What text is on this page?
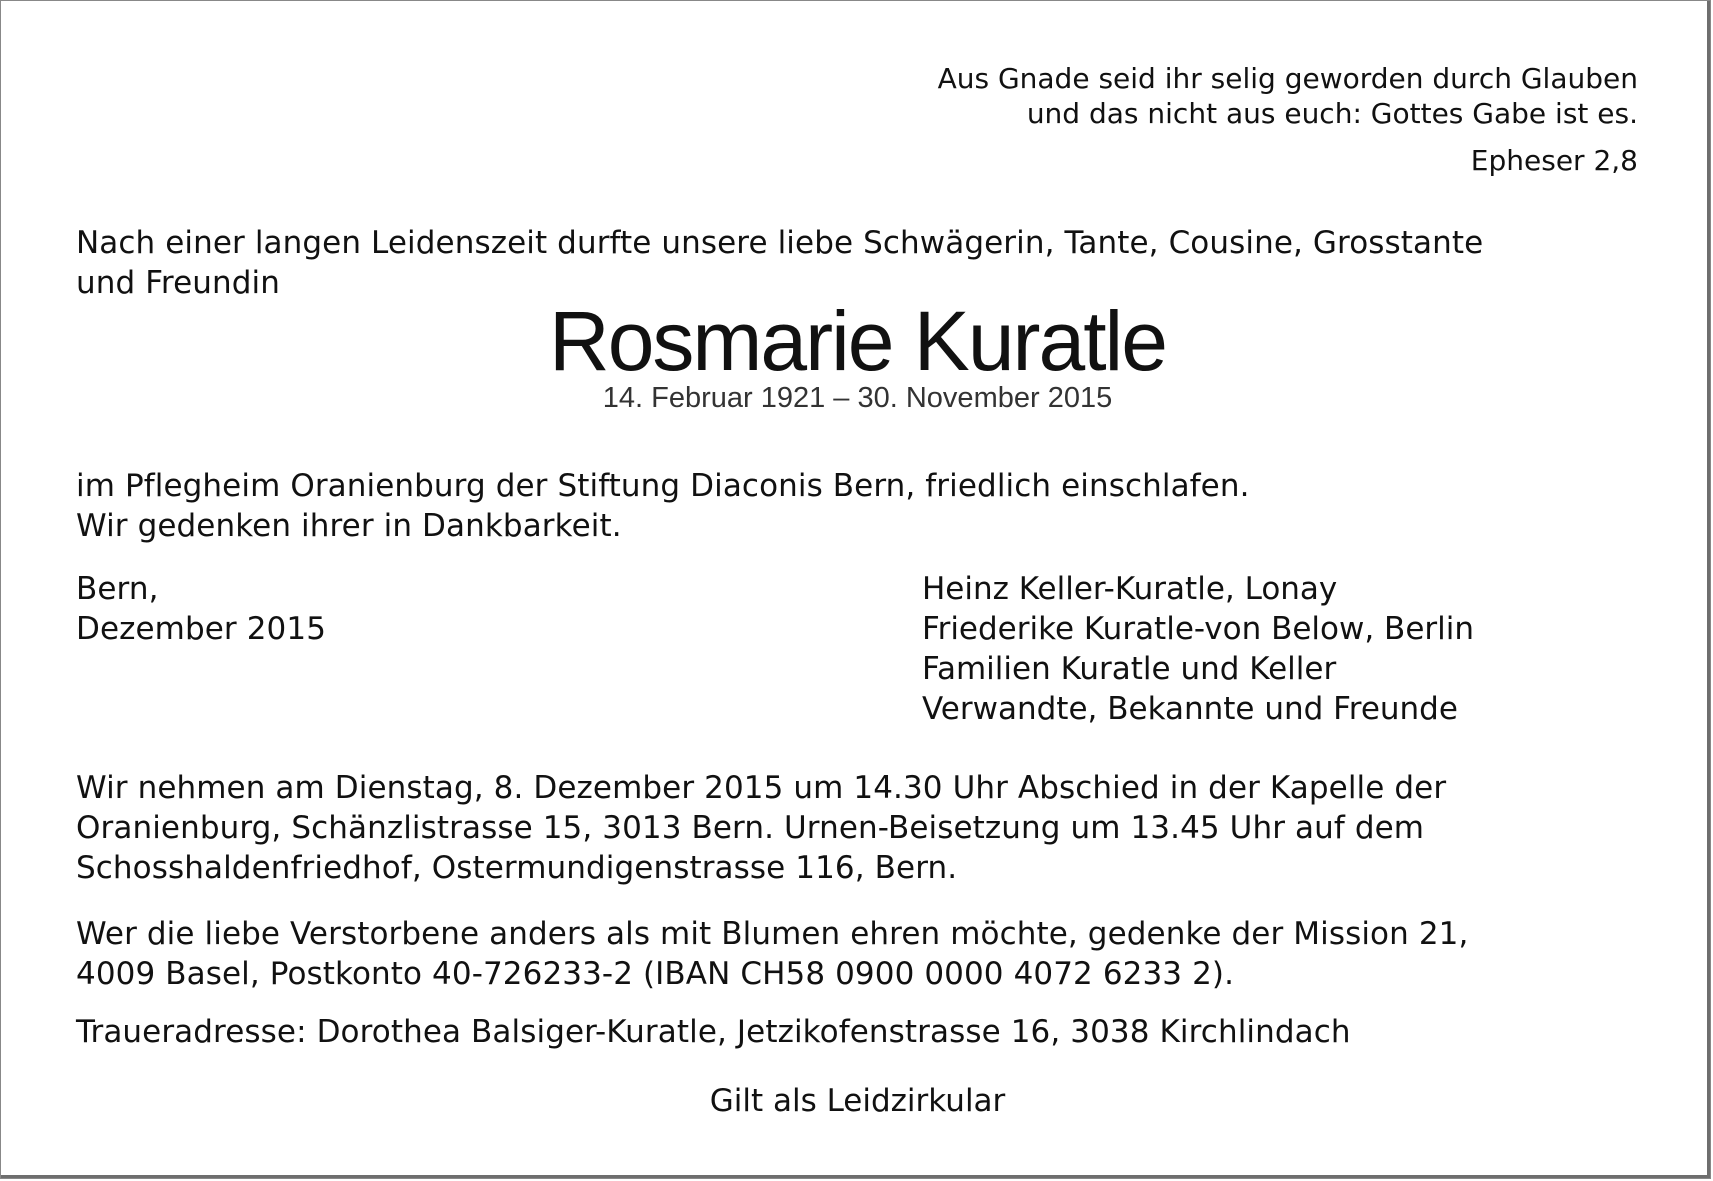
Aus Gnade seid ihr selig geworden durch Glauben
und das nicht aus euch: Gottes Gabe ist es.

Epheser 2,8

Nach einer langen Leidenszeit durfte unsere liebe Schwägerin, Tante, Cousine, Grosstante
und Freundin

Rosmarie Kuratle

14. Februar 1921 – 30. November 2015

im Pflegheim Oranienburg der Stiftung Diaconis Bern, friedlich einschlafen.
Wir gedenken ihrer in Dankbarkeit.

Bern,
Dezember 2015

Heinz Keller-Kuratle, Lonay
Friederike Kuratle-von Below, Berlin
Familien Kuratle und Keller
Verwandte, Bekannte und Freunde

Wir nehmen am Dienstag, 8. Dezember 2015 um 14.30 Uhr Abschied in der Kapelle der
Oranienburg, Schänzlistrasse 15, 3013 Bern. Urnen-Beisetzung um 13.45 Uhr auf dem
Schosshaldenfriedhof, Ostermundigenstrasse 116, Bern.

Wer die liebe Verstorbene anders als mit Blumen ehren möchte, gedenke der Mission 21,
4009 Basel, Postkonto 40-726233-2 (IBAN CH58 0900 0000 4072 6233 2).

Traueradresse: Dorothea Balsiger-Kuratle, Jetzikofenstrasse 16, 3038 Kirchlindach

Gilt als Leidzirkular
